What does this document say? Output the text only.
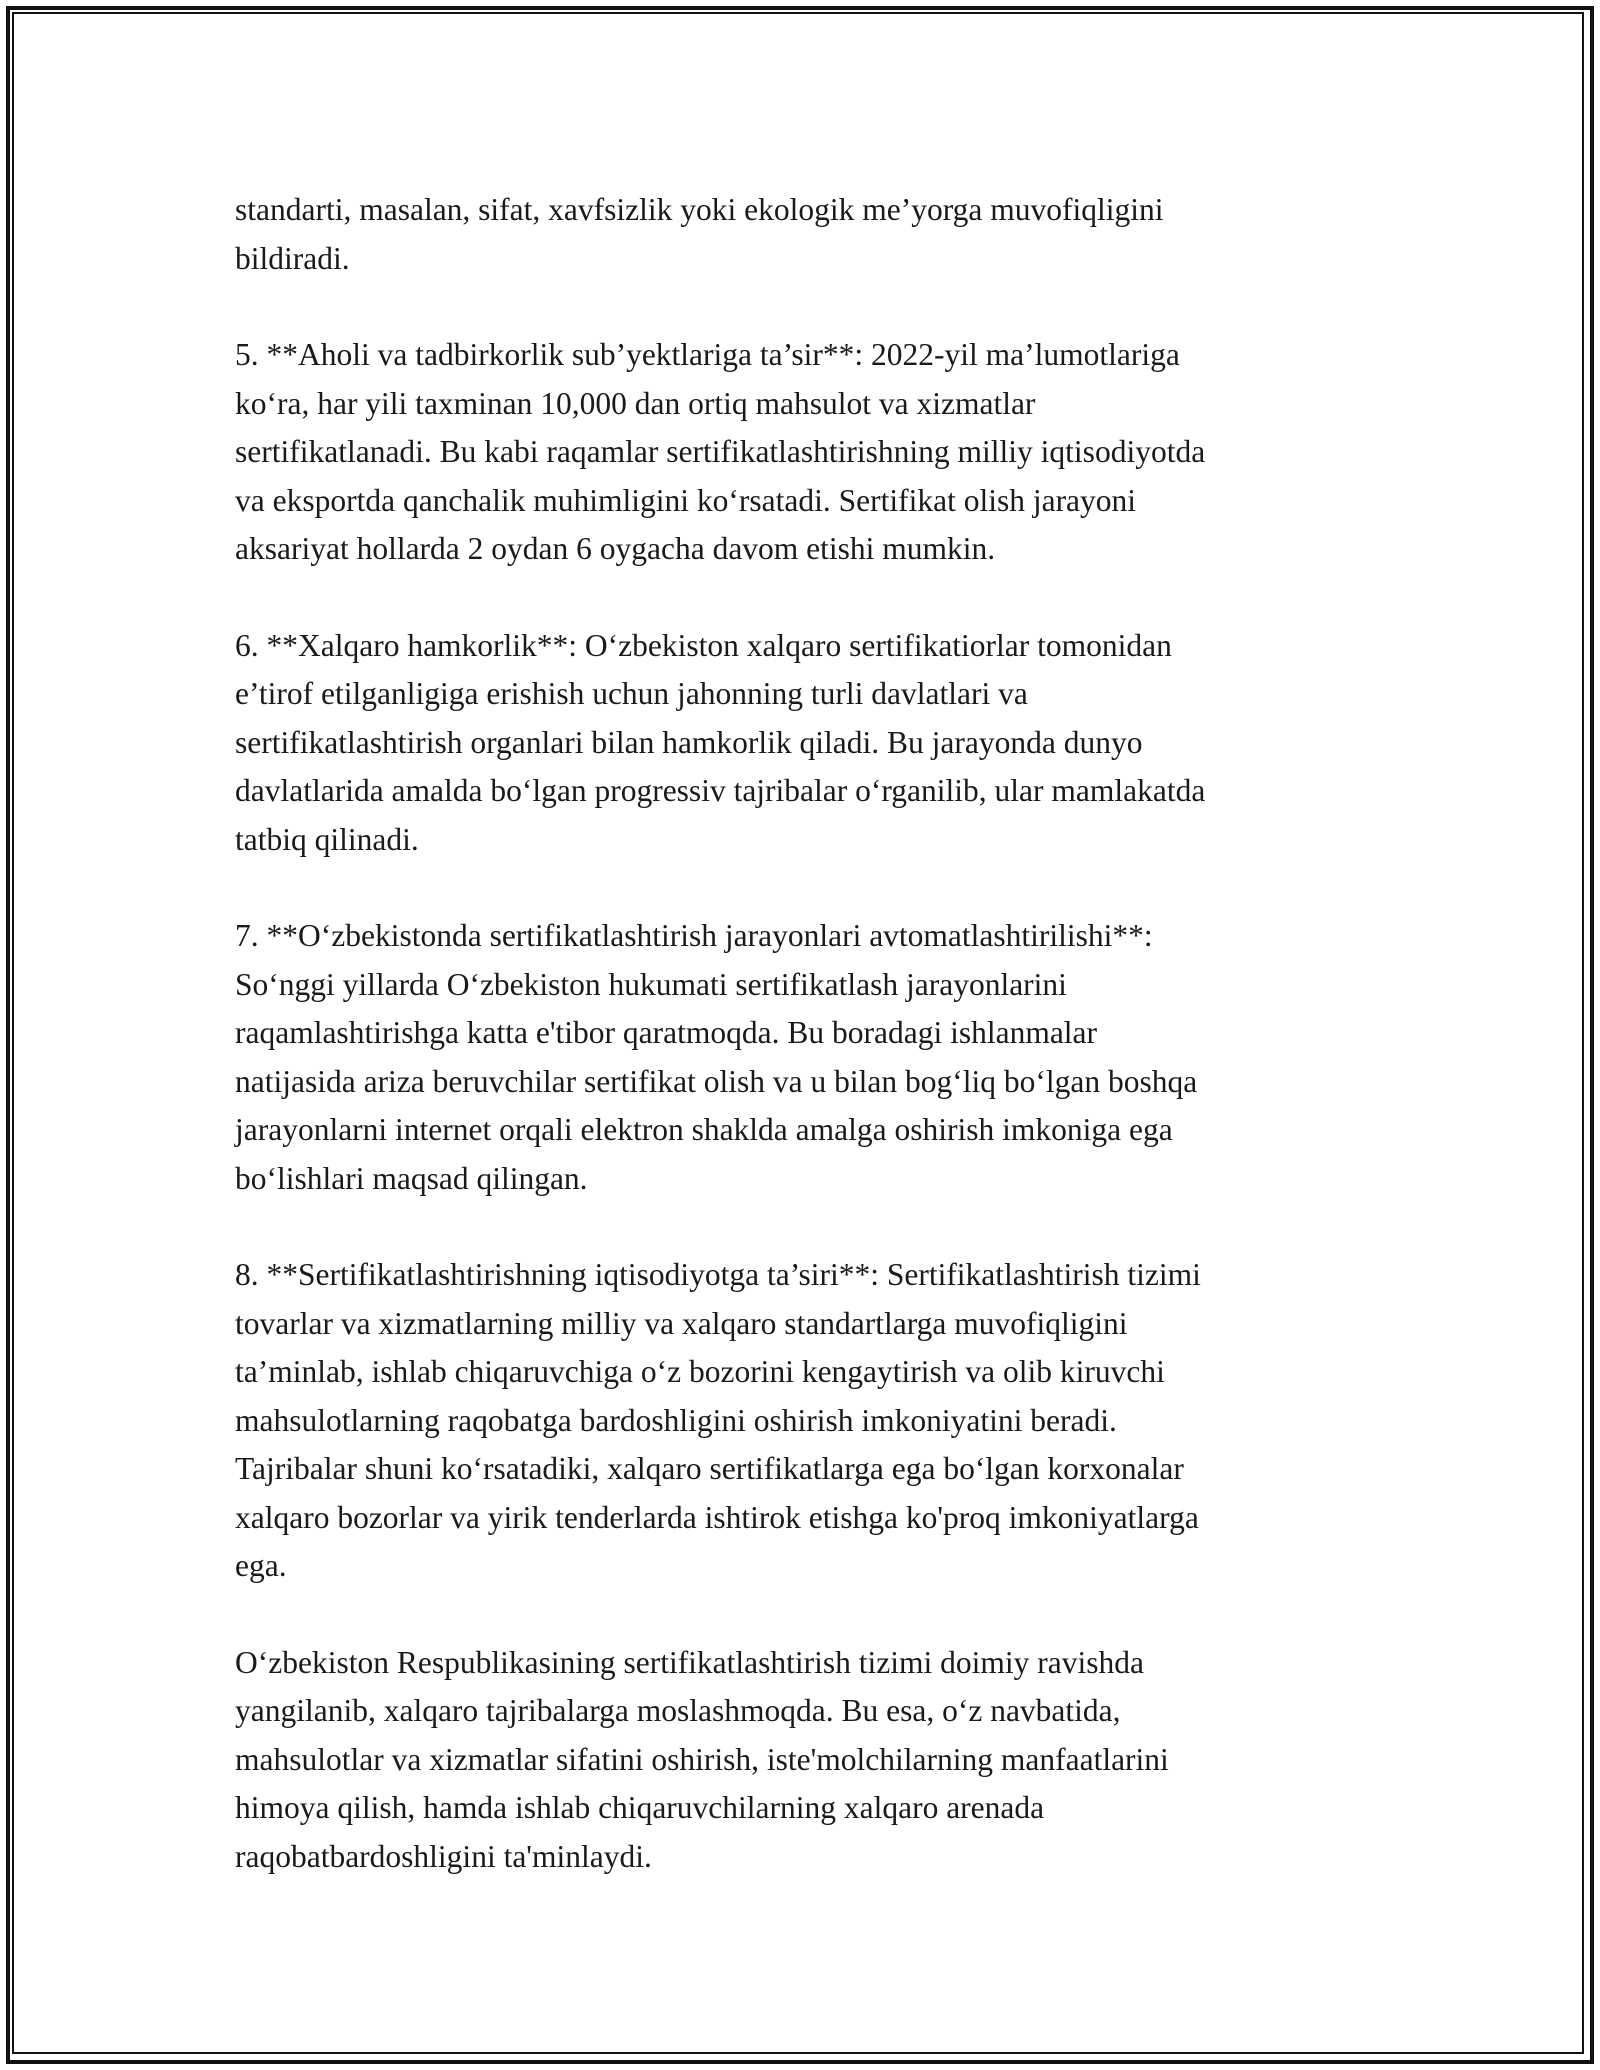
standarti, masalan, sifat, xavfsizlik yoki ekologik me’yorga muvofiqligini
bildiradi.

5. **Aholi va tadbirkorlik sub’yektlariga ta’sir**: 2022-yil ma’lumotlariga
ko‘ra, har yili taxminan 10,000 dan ortiq mahsulot va xizmatlar
sertifikatlanadi. Bu kabi raqamlar sertifikatlashtirishning milliy iqtisodiyotda
va eksportda qanchalik muhimligini ko‘rsatadi. Sertifikat olish jarayoni
aksariyat hollarda 2 oydan 6 oygacha davom etishi mumkin.

6. **Xalqaro hamkorlik**: O‘zbekiston xalqaro sertifikatiorlar tomonidan
e’tirof etilganligiga erishish uchun jahonning turli davlatlari va
sertifikatlashtirish organlari bilan hamkorlik qiladi. Bu jarayonda dunyo
davlatlarida amalda bo‘lgan progressiv tajribalar o‘rganilib, ular mamlakatda
tatbiq qilinadi.

7. **O‘zbekistonda sertifikatlashtirish jarayonlari avtomatlashtirilishi**:
So‘nggi yillarda O‘zbekiston hukumati sertifikatlash jarayonlarini
raqamlashtirishga katta e'tibor qaratmoqda. Bu boradagi ishlanmalar
natijasida ariza beruvchilar sertifikat olish va u bilan bog‘liq bo‘lgan boshqa
jarayonlarni internet orqali elektron shaklda amalga oshirish imkoniga ega
bo‘lishlari maqsad qilingan.

8. **Sertifikatlashtirishning iqtisodiyotga ta’siri**: Sertifikatlashtirish tizimi
tovarlar va xizmatlarning milliy va xalqaro standartlarga muvofiqligini
ta’minlab, ishlab chiqaruvchiga o‘z bozorini kengaytirish va olib kiruvchi
mahsulotlarning raqobatga bardoshligini oshirish imkoniyatini beradi.
Tajribalar shuni ko‘rsatadiki, xalqaro sertifikatlarga ega bo‘lgan korxonalar
xalqaro bozorlar va yirik tenderlarda ishtirok etishga ko'proq imkoniyatlarga
ega.

O‘zbekiston Respublikasining sertifikatlashtirish tizimi doimiy ravishda
yangilanib, xalqaro tajribalarga moslashmoqda. Bu esa, o‘z navbatida,
mahsulotlar va xizmatlar sifatini oshirish, iste'molchilarning manfaatlarini
himoya qilish, hamda ishlab chiqaruvchilarning xalqaro arenada
raqobatbardoshligini ta'minlaydi.
